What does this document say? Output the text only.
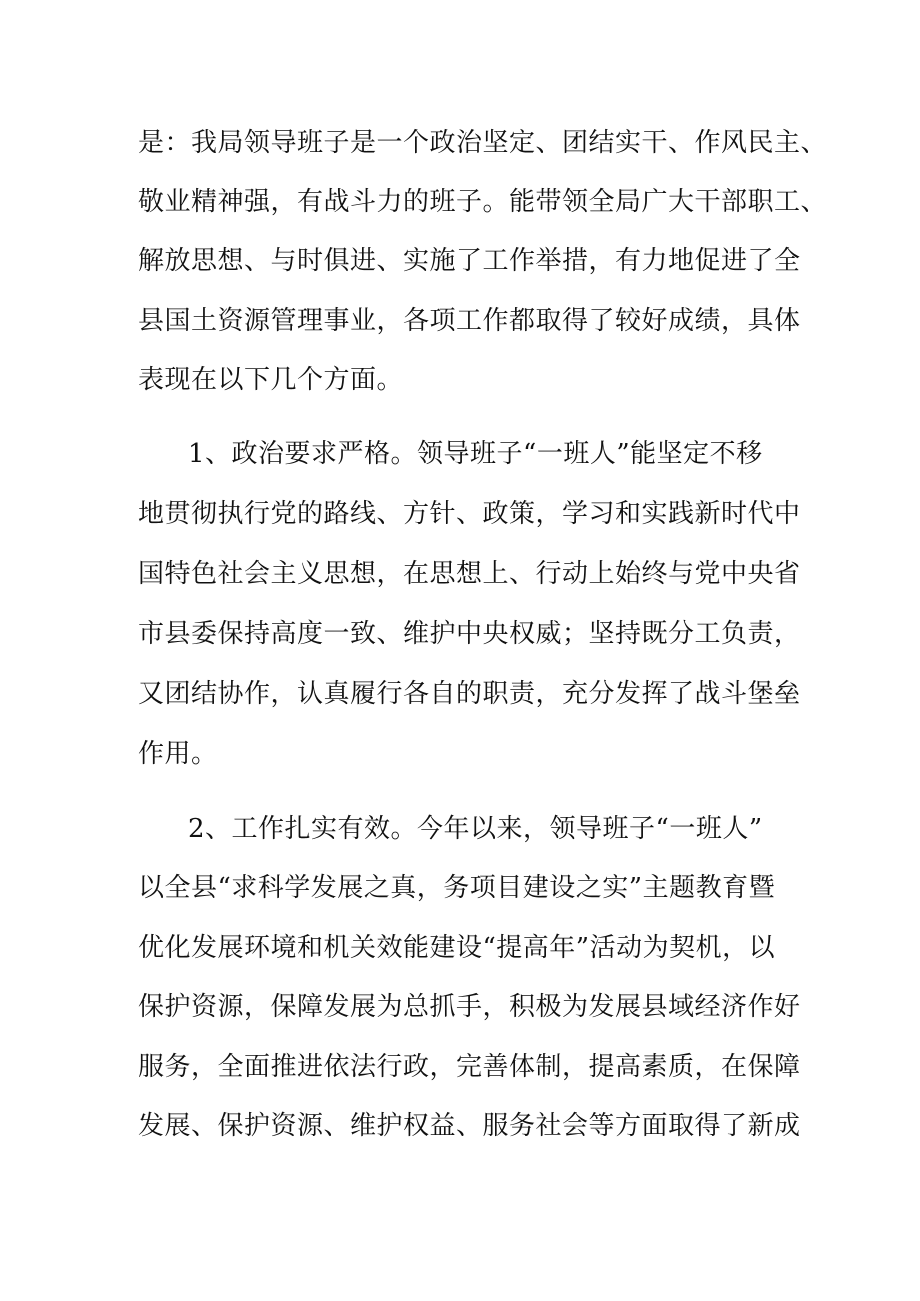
是：我局领导班子是一个政治坚定、团结实干、作风民主、
敬业精神强，有战斗力的班子。能带领全局广大干部职工、
解放思想、与时俱进、实施了工作举措，有力地促进了全
县国土资源管理事业，各项工作都取得了较好成绩，具体
表现在以下几个方面。
1、政治要求严格。领导班子“一班人”能坚定不移
地贯彻执行党的路线、方针、政策，学习和实践新时代中
国特色社会主义思想，在思想上、行动上始终与党中央省
市县委保持高度一致、维护中央权威；坚持既分工负责，
又团结协作，认真履行各自的职责，充分发挥了战斗堡垒
作用。
2、工作扎实有效。今年以来，领导班子“一班人”
以全县“求科学发展之真，务项目建设之实”主题教育暨
优化发展环境和机关效能建设“提高年”活动为契机，以
保护资源，保障发展为总抓手，积极为发展县域经济作好
服务，全面推进依法行政，完善体制，提高素质，在保障
发展、保护资源、维护权益、服务社会等方面取得了新成
